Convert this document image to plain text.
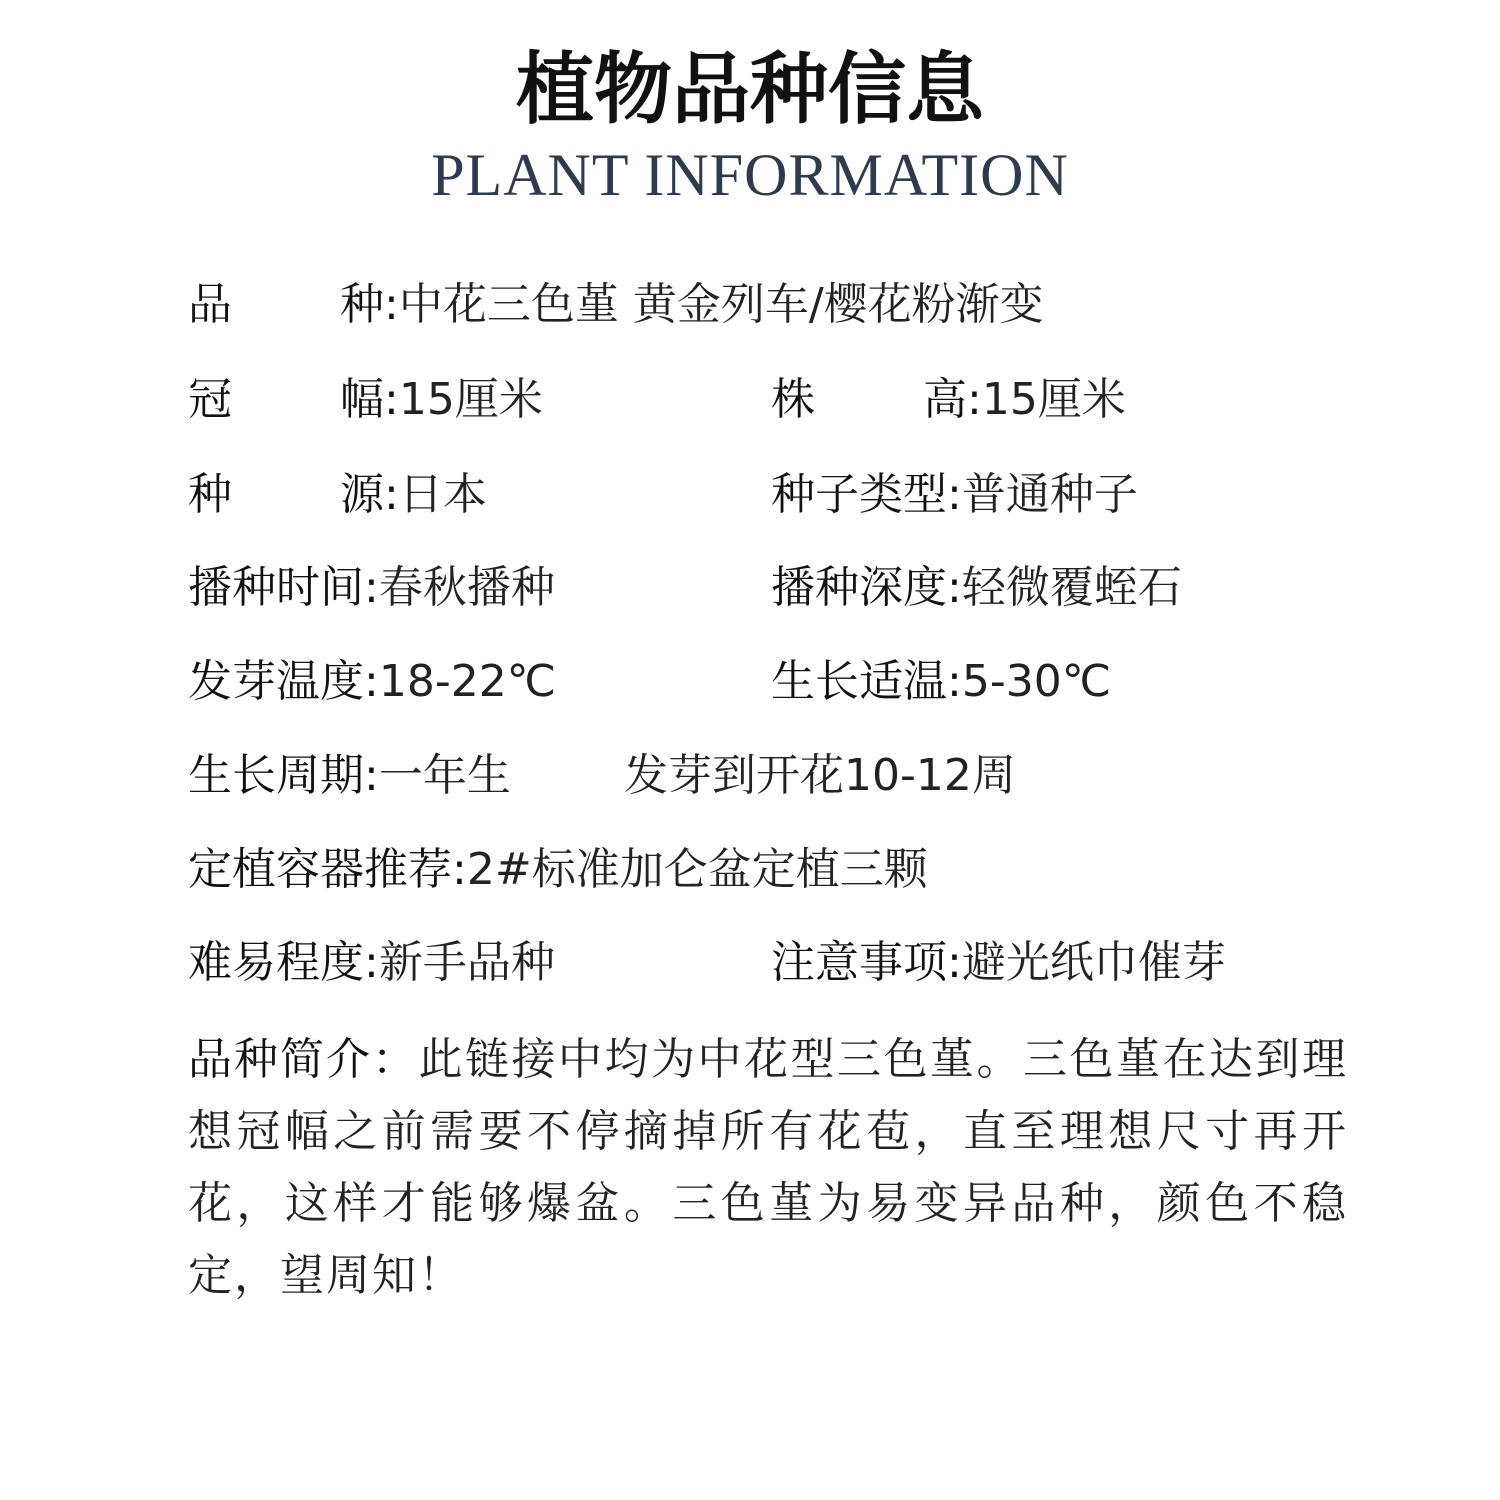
植物品种信息
PLANT INFORMATION
品 种:中花三色堇 黄金列车/樱花粉渐变
冠 幅:15厘米	株 高:15厘米
种 源:日本	种子类型:普通种子
播种时间:春秋播种	播种深度:轻微覆蛭石
发芽温度:18-22℃	生长适温:5-30℃
生长周期:一年生	发芽到开花10-12周
定植容器推荐:2#标准加仑盆定植三颗
难易程度:新手品种	注意事项:避光纸巾催芽
品种简介：此链接中均为中花型三色堇。三色堇在达到理想冠幅之前需要不停摘掉所有花苞，直至理想尺寸再开花，这样才能够爆盆。三色堇为易变异品种，颜色不稳定，望周知！
